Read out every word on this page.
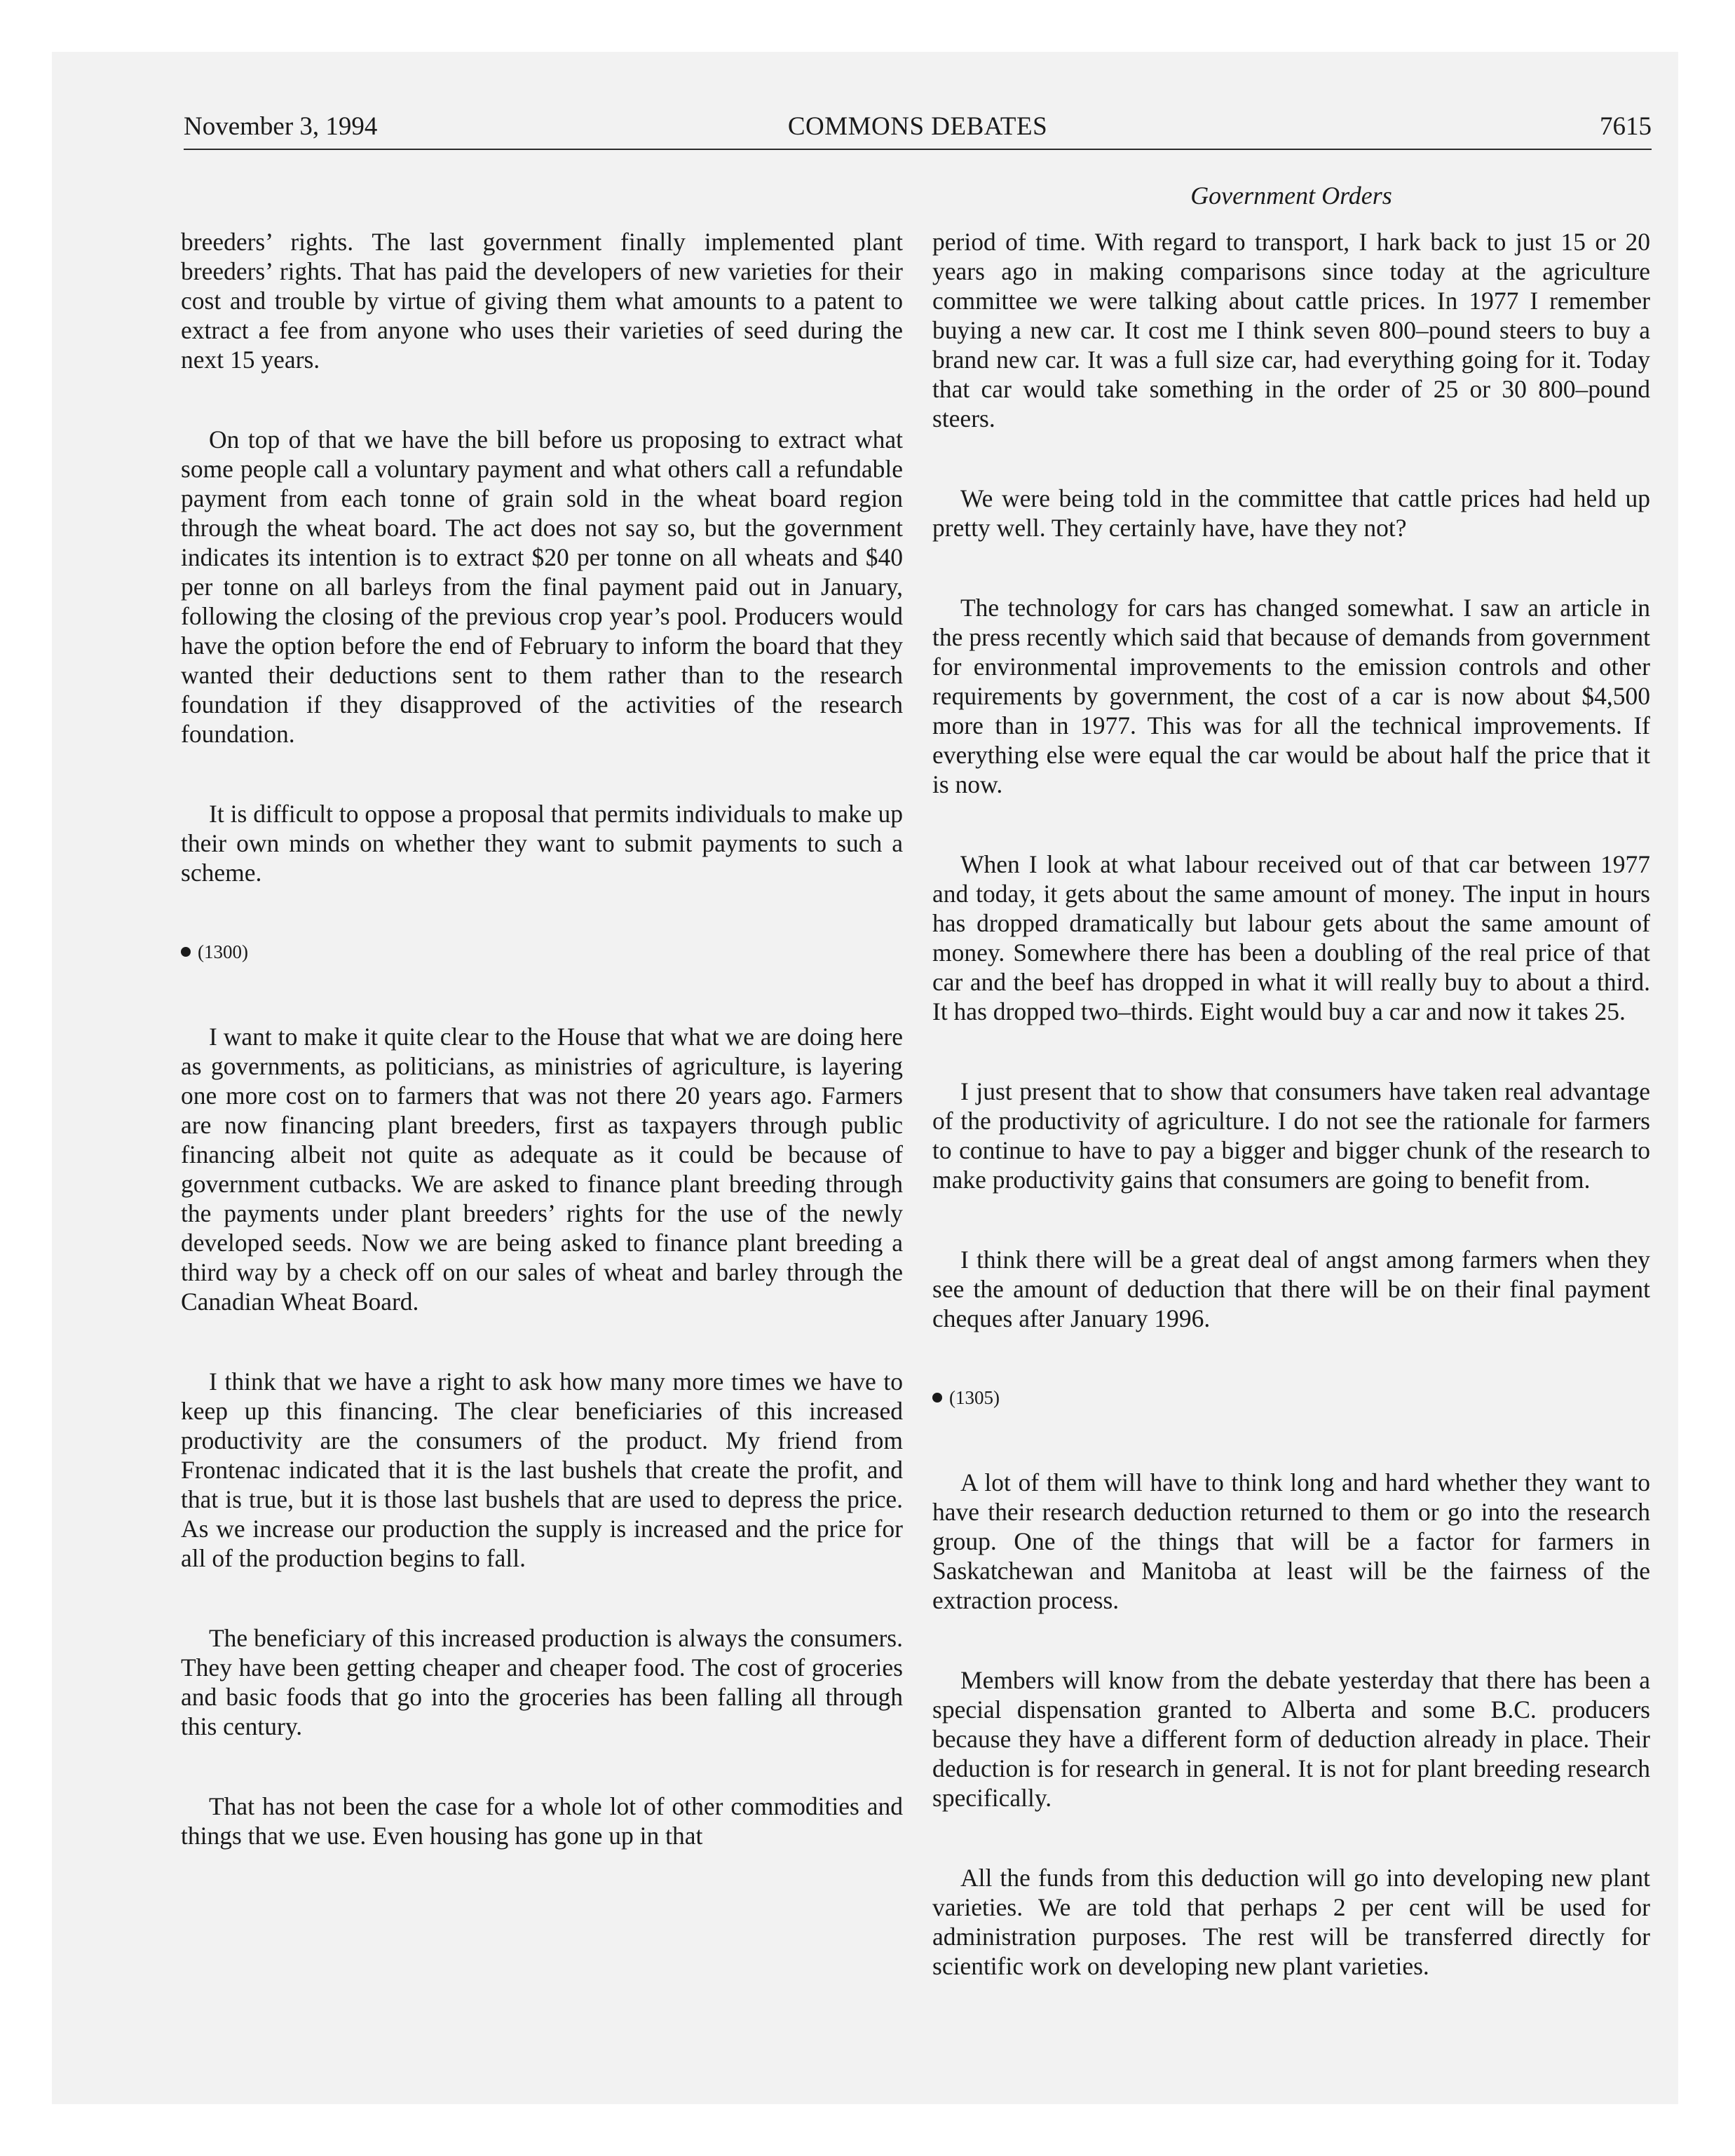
November 3, 1994	COMMONS DEBATES	7615
Government Orders

breeders’ rights. The last government finally implemented plant breeders’ rights. That has paid the developers of new varieties for their cost and trouble by virtue of giving them what amounts to a patent to extract a fee from anyone who uses their varieties of seed during the next 15 years.

On top of that we have the bill before us proposing to extract what some people call a voluntary payment and what others call a refundable payment from each tonne of grain sold in the wheat board region through the wheat board. The act does not say so, but the government indicates its intention is to extract $20 per tonne on all wheats and $40 per tonne on all barleys from the final payment paid out in January, following the closing of the previous crop year’s pool. Producers would have the option before the end of February to inform the board that they wanted their deductions sent to them rather than to the research foundation if they disapproved of the activities of the research foundation.

It is difficult to oppose a proposal that permits individuals to make up their own minds on whether they want to submit payments to such a scheme.

(1300)

I want to make it quite clear to the House that what we are doing here as governments, as politicians, as ministries of agriculture, is layering one more cost on to farmers that was not there 20 years ago. Farmers are now financing plant breeders, first as taxpayers through public financing albeit not quite as adequate as it could be because of government cutbacks. We are asked to finance plant breeding through the payments under plant breeders’ rights for the use of the newly developed seeds. Now we are being asked to finance plant breeding a third way by a check off on our sales of wheat and barley through the Canadian Wheat Board.

I think that we have a right to ask how many more times we have to keep up this financing. The clear beneficiaries of this increased productivity are the consumers of the product. My friend from Frontenac indicated that it is the last bushels that create the profit, and that is true, but it is those last bushels that are used to depress the price. As we increase our production the supply is increased and the price for all of the production begins to fall.

The beneficiary of this increased production is always the consumers. They have been getting cheaper and cheaper food. The cost of groceries and basic foods that go into the groceries has been falling all through this century.

That has not been the case for a whole lot of other commodities and things that we use. Even housing has gone up in that

period of time. With regard to transport, I hark back to just 15 or 20 years ago in making comparisons since today at the agriculture committee we were talking about cattle prices. In 1977 I remember buying a new car. It cost me I think seven 800–pound steers to buy a brand new car. It was a full size car, had everything going for it. Today that car would take something in the order of 25 or 30 800–pound steers.

We were being told in the committee that cattle prices had held up pretty well. They certainly have, have they not?

The technology for cars has changed somewhat. I saw an article in the press recently which said that because of demands from government for environmental improvements to the emission controls and other requirements by government, the cost of a car is now about $4,500 more than in 1977. This was for all the technical improvements. If everything else were equal the car would be about half the price that it is now.

When I look at what labour received out of that car between 1977 and today, it gets about the same amount of money. The input in hours has dropped dramatically but labour gets about the same amount of money. Somewhere there has been a doubling of the real price of that car and the beef has dropped in what it will really buy to about a third. It has dropped two–thirds. Eight would buy a car and now it takes 25.

I just present that to show that consumers have taken real advantage of the productivity of agriculture. I do not see the rationale for farmers to continue to have to pay a bigger and bigger chunk of the research to make productivity gains that consumers are going to benefit from.

I think there will be a great deal of angst among farmers when they see the amount of deduction that there will be on their final payment cheques after January 1996.

(1305)

A lot of them will have to think long and hard whether they want to have their research deduction returned to them or go into the research group. One of the things that will be a factor for farmers in Saskatchewan and Manitoba at least will be the fairness of the extraction process.

Members will know from the debate yesterday that there has been a special dispensation granted to Alberta and some B.C. producers because they have a different form of deduction already in place. Their deduction is for research in general. It is not for plant breeding research specifically.

All the funds from this deduction will go into developing new plant varieties. We are told that perhaps 2 per cent will be used for administration purposes. The rest will be transferred directly for scientific work on developing new plant varieties.
